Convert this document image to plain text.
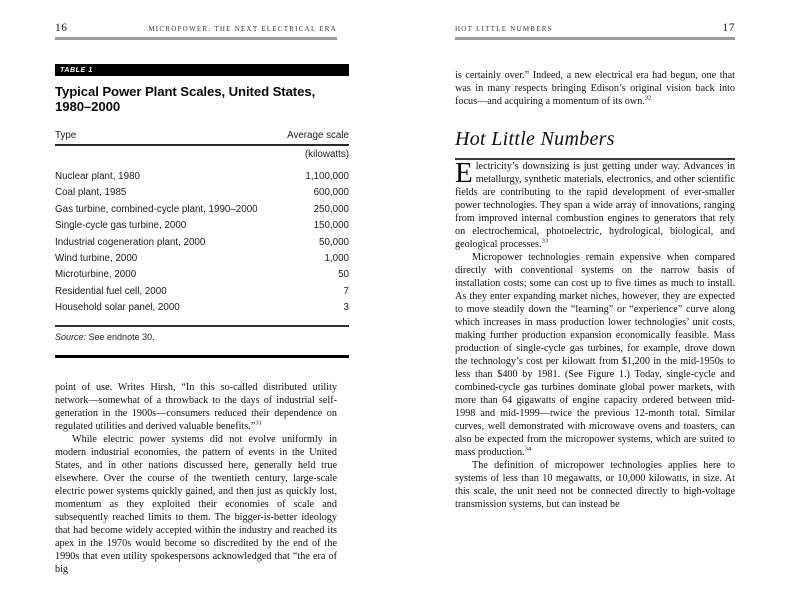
16	MICROPOWER: THE NEXT ELECTRICAL ERA
TABLE 1
Typical Power Plant Scales, United States, 1980–2000
Type	Average scale
(kilowatts)
Nuclear plant, 1980	1,100,000
Coal plant, 1985	600,000
Gas turbine, combined-cycle plant, 1990–2000	250,000
Single-cycle gas turbine, 2000	150,000
Industrial cogeneration plant, 2000	50,000
Wind turbine, 2000	1,000
Microturbine, 2000	50
Residential fuel cell, 2000	7
Household solar panel, 2000	3
Source: See endnote 30.

point of use. Writes Hirsh, “In this so-called distributed utility network—somewhat of a throwback to the days of industrial self-generation in the 1900s—consumers reduced their dependence on regulated utilities and derived valuable benefits.”$^{31}$

While electric power systems did not evolve uniformly in modern industrial economies, the pattern of events in the United States, and in other nations discussed here, generally held true elsewhere. Over the course of the twentieth century, large-scale electric power systems quickly gained, and then just as quickly lost, momentum as they exploited their economies of scale and subsequently reached limits to them. The bigger-is-better ideology that had become widely accepted within the industry and reached its apex in the 1970s would become so discredited by the end of the 1990s that even utility spokespersons acknowledged that “the era of big

HOT LITTLE NUMBERS	17

is certainly over.” Indeed, a new electrical era had begun, one that was in many respects bringing Edison’s original vision back into focus—and acquiring a momentum of its own.$^{32}$

Hot Little Numbers

Electricity’s downsizing is just getting under way. Advances in metallurgy, synthetic materials, electronics, and other scientific fields are contributing to the rapid development of ever-smaller power technologies. They span a wide array of innovations, ranging from improved internal combustion engines to generators that rely on electrochemical, photoelectric, hydrological, biological, and geological processes.$^{33}$

Micropower technologies remain expensive when compared directly with conventional systems on the narrow basis of installation costs; some can cost up to five times as much to install. As they enter expanding market niches, however, they are expected to move steadily down the “learning” or “experience” curve along which increases in mass production lower technologies’ unit costs, making further production expansion economically feasible. Mass production of single-cycle gas turbines, for example, drove down the technology’s cost per kilowatt from $1,200 in the mid-1950s to less than $400 by 1981. (See Figure 1.) Today, single-cycle and combined-cycle gas turbines dominate global power markets, with more than 64 gigawatts of engine capacity ordered between mid-1998 and mid-1999—twice the previous 12-month total. Similar curves, well demonstrated with microwave ovens and toasters, can also be expected from the micropower systems, which are suited to mass production.$^{34}$

The definition of micropower technologies applies here to systems of less than 10 megawatts, or 10,000 kilowatts, in size. At this scale, the unit need not be connected directly to high-voltage transmission systems, but can instead be
